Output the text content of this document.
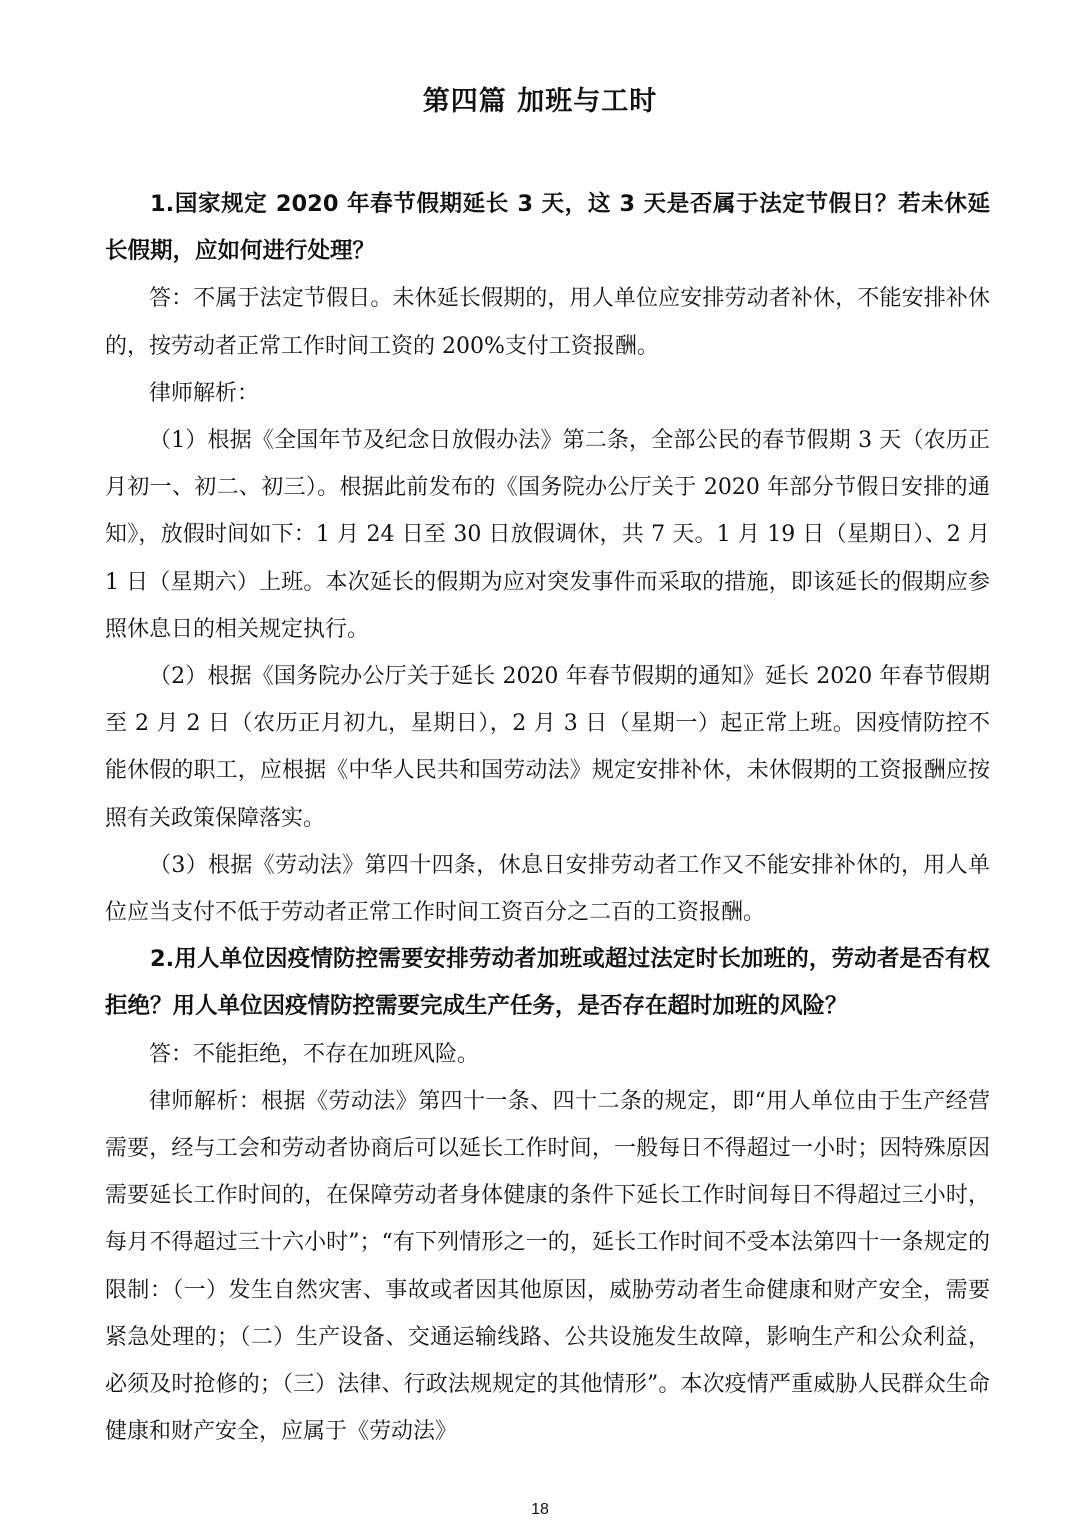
第四篇 加班与工时

1.国家规定 2020 年春节假期延长 3 天，这 3 天是否属于法定节假日？若未休延长假期，应如何进行处理？

答：不属于法定节假日。未休延长假期的，用人单位应安排劳动者补休，不能安排补休的，按劳动者正常工作时间工资的 200%支付工资报酬。

律师解析：

（1）根据《全国年节及纪念日放假办法》第二条，全部公民的春节假期 3 天（农历正月初一、初二、初三）。根据此前发布的《国务院办公厅关于 2020 年部分节假日安排的通知》，放假时间如下：1 月 24 日至 30 日放假调休，共 7 天。1 月 19 日（星期日）、2 月 1 日（星期六）上班。本次延长的假期为应对突发事件而采取的措施，即该延长的假期应参照休息日的相关规定执行。

（2）根据《国务院办公厅关于延长 2020 年春节假期的通知》延长 2020 年春节假期至 2 月 2 日（农历正月初九，星期日），2 月 3 日（星期一）起正常上班。因疫情防控不能休假的职工，应根据《中华人民共和国劳动法》规定安排补休，未休假期的工资报酬应按照有关政策保障落实。

（3）根据《劳动法》第四十四条，休息日安排劳动者工作又不能安排补休的，用人单位应当支付不低于劳动者正常工作时间工资百分之二百的工资报酬。

2.用人单位因疫情防控需要安排劳动者加班或超过法定时长加班的，劳动者是否有权拒绝？用人单位因疫情防控需要完成生产任务，是否存在超时加班的风险？

答：不能拒绝，不存在加班风险。

律师解析：根据《劳动法》第四十一条、四十二条的规定，即“用人单位由于生产经营需要，经与工会和劳动者协商后可以延长工作时间，一般每日不得超过一小时；因特殊原因需要延长工作时间的，在保障劳动者身体健康的条件下延长工作时间每日不得超过三小时，每月不得超过三十六小时”；“有下列情形之一的，延长工作时间不受本法第四十一条规定的限制：（一）发生自然灾害、事故或者因其他原因，威胁劳动者生命健康和财产安全，需要紧急处理的；（二）生产设备、交通运输线路、公共设施发生故障，影响生产和公众利益，必须及时抢修的；（三）法律、行政法规规定的其他情形”。本次疫情严重威胁人民群众生命健康和财产安全，应属于《劳动法》

18
